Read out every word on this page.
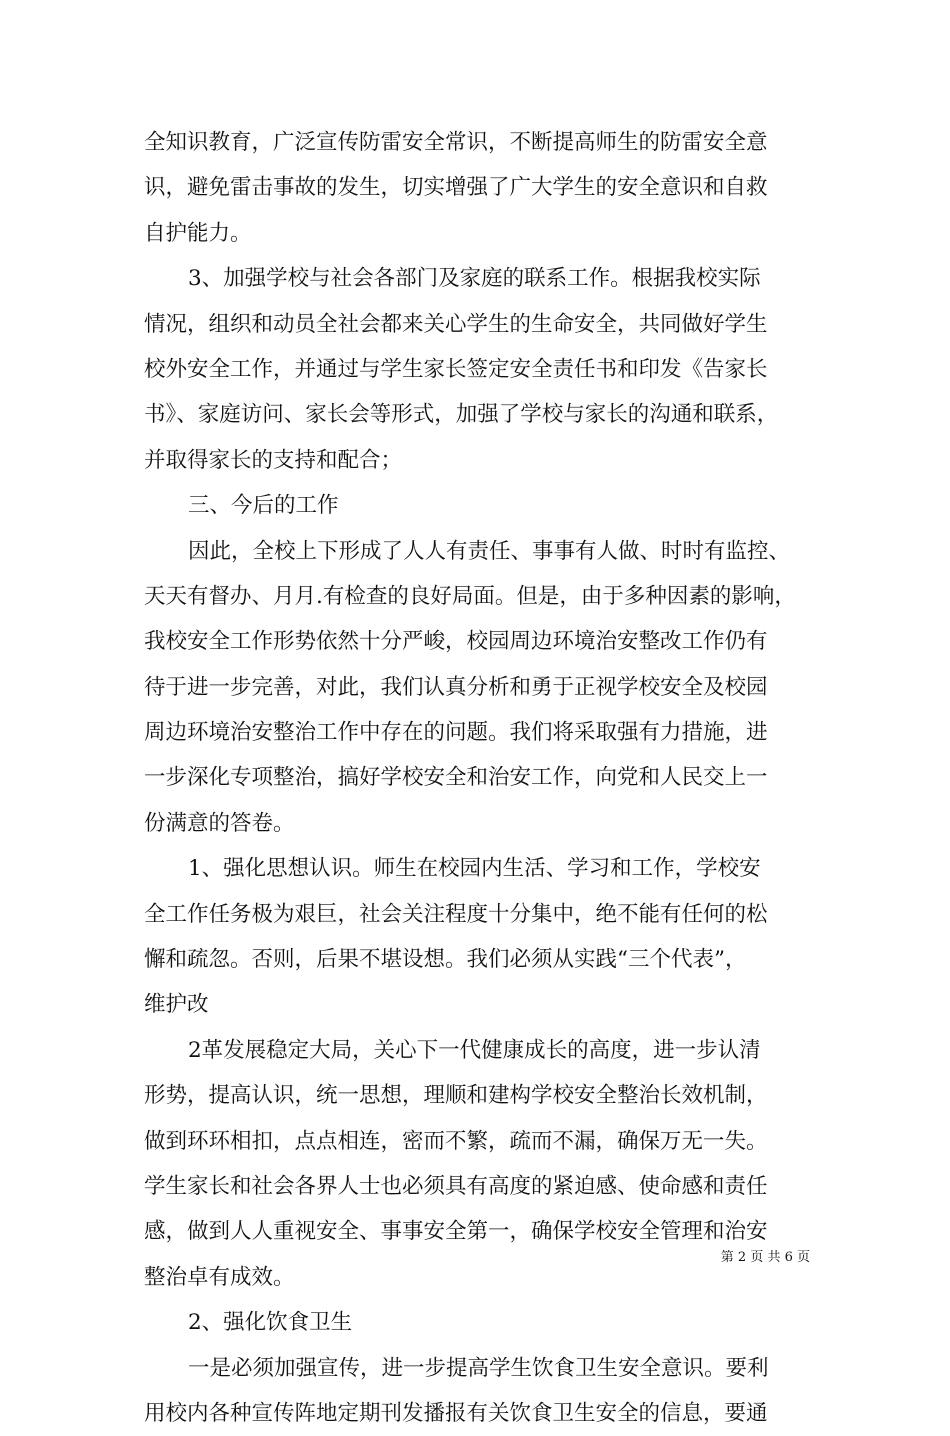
全知识教育，广泛宣传防雷安全常识，不断提高师生的防雷安全意
识，避免雷击事故的发生，切实增强了广大学生的安全意识和自救
自护能力。
3、加强学校与社会各部门及家庭的联系工作。根据我校实际
情况，组织和动员全社会都来关心学生的生命安全，共同做好学生
校外安全工作，并通过与学生家长签定安全责任书和印发《告家长
书》、家庭访问、家长会等形式，加强了学校与家长的沟通和联系，
并取得家长的支持和配合；
三、今后的工作
因此，全校上下形成了人人有责任、事事有人做、时时有监控、
天天有督办、月月.有检查的良好局面。但是，由于多种因素的影响，
我校安全工作形势依然十分严峻，校园周边环境治安整改工作仍有
待于进一步完善，对此，我们认真分析和勇于正视学校安全及校园
周边环境治安整治工作中存在的问题。我们将采取强有力措施，进
一步深化专项整治，搞好学校安全和治安工作，向党和人民交上一
份满意的答卷。
1、强化思想认识。师生在校园内生活、学习和工作，学校安
全工作任务极为艰巨，社会关注程度十分集中，绝不能有任何的松
懈和疏忽。否则，后果不堪设想。我们必须从实践“三个代表”，
维护改
2革发展稳定大局，关心下一代健康成长的高度，进一步认清
形势，提高认识，统一思想，理顺和建构学校安全整治长效机制，
做到环环相扣，点点相连，密而不繁，疏而不漏，确保万无一失。
学生家长和社会各界人士也必须具有高度的紧迫感、使命感和责任
感，做到人人重视安全、事事安全第一，确保学校安全管理和治安
整治卓有成效。
2、强化饮食卫生
一是必须加强宣传，进一步提高学生饮食卫生安全意识。要利
用校内各种宣传阵地定期刊发播报有关饮食卫生安全的信息，要通
第 2 页 共 6 页
